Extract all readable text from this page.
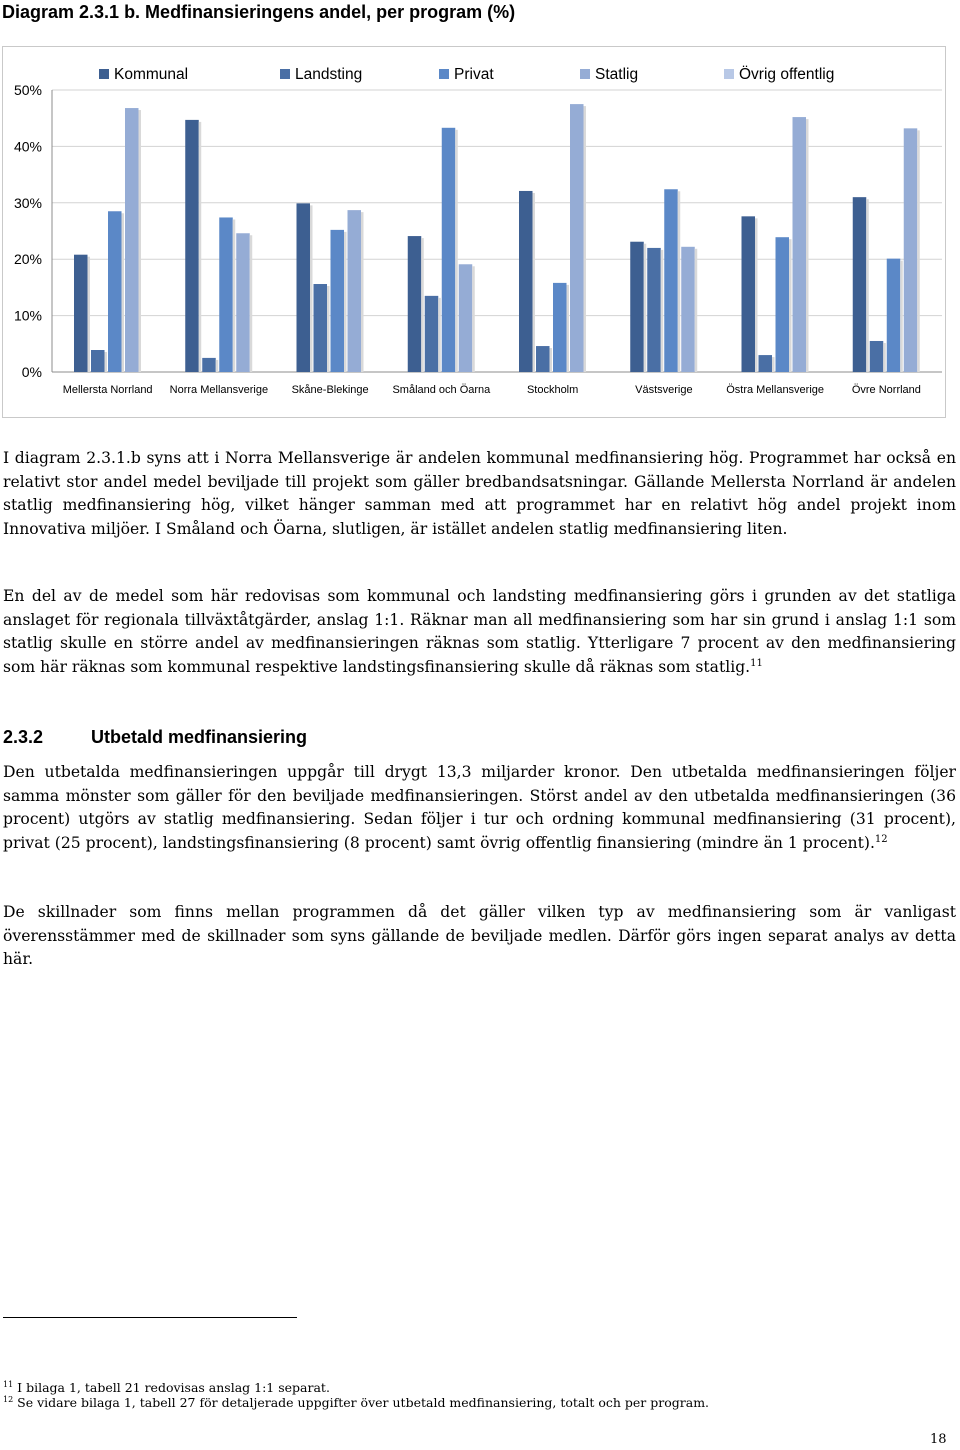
Diagram 2.3.1 b. Medfinansieringens andel, per program (%)
0%
10%
20%
30%
40%
50%
Mellersta Norrland Norra Mellansverige Skåne-Blekinge Småland och Öarna	Stockholm	Västsverige	Östra Mellansverige	Övre Norrland
Kommunal	Landsting	Privat	Statlig	Övrig offentlig

I diagram 2.3.1.b syns att i Norra Mellansverige är andelen kommunal medfinansiering hög. Programmet har också en relativt stor andel medel beviljade till projekt som gäller bredbandsatsningar. Gällande Mellersta Norrland är andelen statlig medfinansiering hög, vilket hänger samman med att programmet har en relativt hög andel projekt inom Innovativa miljöer. I Småland och Öarna, slutligen, är istället andelen statlig medfinansiering liten.

En del av de medel som här redovisas som kommunal och landsting medfinansiering görs i grunden av det statliga anslaget för regionala tillväxtåtgärder, anslag 1:1. Räknar man all medfinansiering som har sin grund i anslag 1:1 som statlig skulle en större andel av medfinansieringen räknas som statlig. Ytterligare 7 procent av den medfinansiering som här räknas som kommunal respektive landstingsfinansiering skulle då räknas som statlig.$^{11}$

2.3.2	Utbetald medfinansiering

Den utbetalda medfinansieringen uppgår till drygt 13,3 miljarder kronor. Den utbetalda medfinansieringen följer samma mönster som gäller för den beviljade medfinansieringen. Störst andel av den utbetalda medfinansieringen (36 procent) utgörs av statlig medfinansiering. Sedan följer i tur och ordning kommunal medfinansiering (31 procent), privat (25 procent), landstingsfinansiering (8 procent) samt övrig offentlig finansiering (mindre än 1 procent).$^{12}$

De skillnader som finns mellan programmen då det gäller vilken typ av medfinansiering som är vanligast överensstämmer med de skillnader som syns gällande de beviljade medlen. Därför görs ingen separat analys av detta här.

$^{11}$ I bilaga 1, tabell 21 redovisas anslag 1:1 separat.

$^{12}$ Se vidare bilaga 1, tabell 27 för detaljerade uppgifter över utbetald medfinansiering, totalt och per program.

18
